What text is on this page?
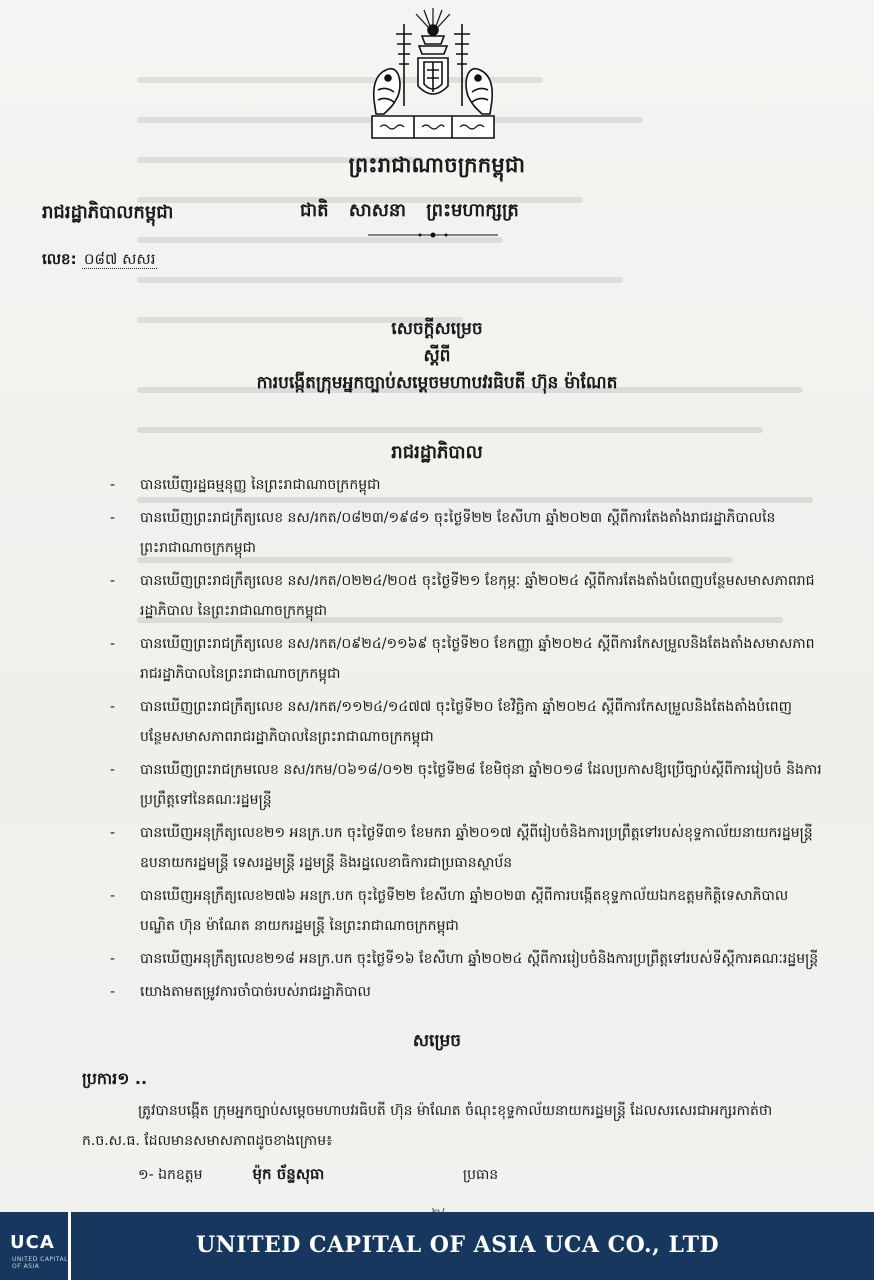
ព្រះរាជាណាចក្រកម្ពុជា
រាជរដ្ឋាភិបាលកម្ពុជា	ជាតិ សាសនា ព្រះមហាក្សត្រ
លេខ: ០៨៧ សសរ
សេចក្តីសម្រេច
ស្តីពី
ការបង្កើតក្រុមអ្នកច្បាប់សម្តេចមហាបវរធិបតី ហ៊ុន ម៉ាណែត
រាជរដ្ឋាភិបាល
- បានឃើញរដ្ឋធម្មនុញ្ញ នៃព្រះរាជាណាចក្រកម្ពុជា
- បានឃើញព្រះរាជក្រឹត្យលេខ នស/រកត/០៨២៣/១៩៨១ ចុះថ្ងៃទី២២ ខែសីហា ឆ្នាំ២០២៣ ស្តីពីការតែងតាំងរាជរដ្ឋាភិបាលនៃព្រះរាជាណាចក្រកម្ពុជា
- បានឃើញព្រះរាជក្រឹត្យលេខ នស/រកត/០២២៤/២០៥ ចុះថ្ងៃទី២១ ខែកុម្ភៈ ឆ្នាំ២០២៤ ស្តីពីការតែងតាំងបំពេញបន្ថែមសមាសភាពរាជរដ្ឋាភិបាល នៃព្រះរាជាណាចក្រកម្ពុជា
- បានឃើញព្រះរាជក្រឹត្យលេខ នស/រកត/០៩២៤/១១៦៩ ចុះថ្ងៃទី២០ ខែកញ្ញា ឆ្នាំ២០២៤ ស្តីពីការកែសម្រួលនិងតែងតាំងសមាសភាពរាជរដ្ឋាភិបាលនៃព្រះរាជាណាចក្រកម្ពុជា
- បានឃើញព្រះរាជក្រឹត្យលេខ នស/រកត/១១២៤/១៤៧៧ ចុះថ្ងៃទី២០ ខែវិច្ឆិកា ឆ្នាំ២០២៤ ស្តីពីការកែសម្រួលនិងតែងតាំងបំពេញបន្ថែមសមាសភាពរាជរដ្ឋាភិបាលនៃព្រះរាជាណាចក្រកម្ពុជា
- បានឃើញព្រះរាជក្រមលេខ នស/រកម/០៦១៨/០១២ ចុះថ្ងៃទី២៨ ខែមិថុនា ឆ្នាំ២០១៨ ដែលប្រកាសឱ្យប្រើច្បាប់ស្តីពីការរៀបចំ និងការប្រព្រឹត្តទៅនៃគណៈរដ្ឋមន្ត្រី
- បានឃើញអនុក្រឹត្យលេខ២១ អនក្រ.បក ចុះថ្ងៃទី៣១ ខែមករា ឆ្នាំ២០១៧ ស្តីពីរៀបចំនិងការប្រព្រឹត្តទៅរបស់ខុទ្ទកាល័យនាយករដ្ឋមន្ត្រី ឧបនាយករដ្ឋមន្ត្រី ទេសរដ្ឋមន្ត្រី រដ្ឋមន្ត្រី និងរដ្ឋលេខាធិការជាប្រធានស្ថាប័ន
- បានឃើញអនុក្រឹត្យលេខ២៧៦ អនក្រ.បក ចុះថ្ងៃទី២២ ខែសីហា ឆ្នាំ២០២៣ ស្តីពីការបង្កើតខុទ្ទកាល័យឯកឧត្តមកិត្តិទេសាភិបាលបណ្ឌិត ហ៊ុន ម៉ាណែត នាយករដ្ឋមន្ត្រី នៃព្រះរាជាណាចក្រកម្ពុជា
- បានឃើញអនុក្រឹត្យលេខ២១៨ អនក្រ.បក ចុះថ្ងៃទី១៦ ខែសីហា ឆ្នាំ២០២៤ ស្តីពីការរៀបចំនិងការប្រព្រឹត្តទៅរបស់ទីស្តីការគណៈរដ្ឋមន្ត្រី
- យោងតាមតម្រូវការចាំបាច់របស់រាជរដ្ឋាភិបាល
សម្រេច
ប្រការ១ ..
ត្រូវបានបង្កើត ក្រុមអ្នកច្បាប់សម្តេចមហាបវរធិបតី ហ៊ុន ម៉ាណែត ចំណុះខុទ្ទកាល័យនាយករដ្ឋមន្ត្រី ដែលសរសេរជាអក្សរកាត់ថា ក.ច.ស.ធ. ដែលមានសមាសភាពដូចខាងក្រោម៖
១- ឯកឧត្តម	ម៉ុក ច័ន្ទសុធា	ប្រធាន
UCA
UNITED CAPITAL OF ASIA
UNITED CAPITAL OF ASIA UCA CO., LTD
